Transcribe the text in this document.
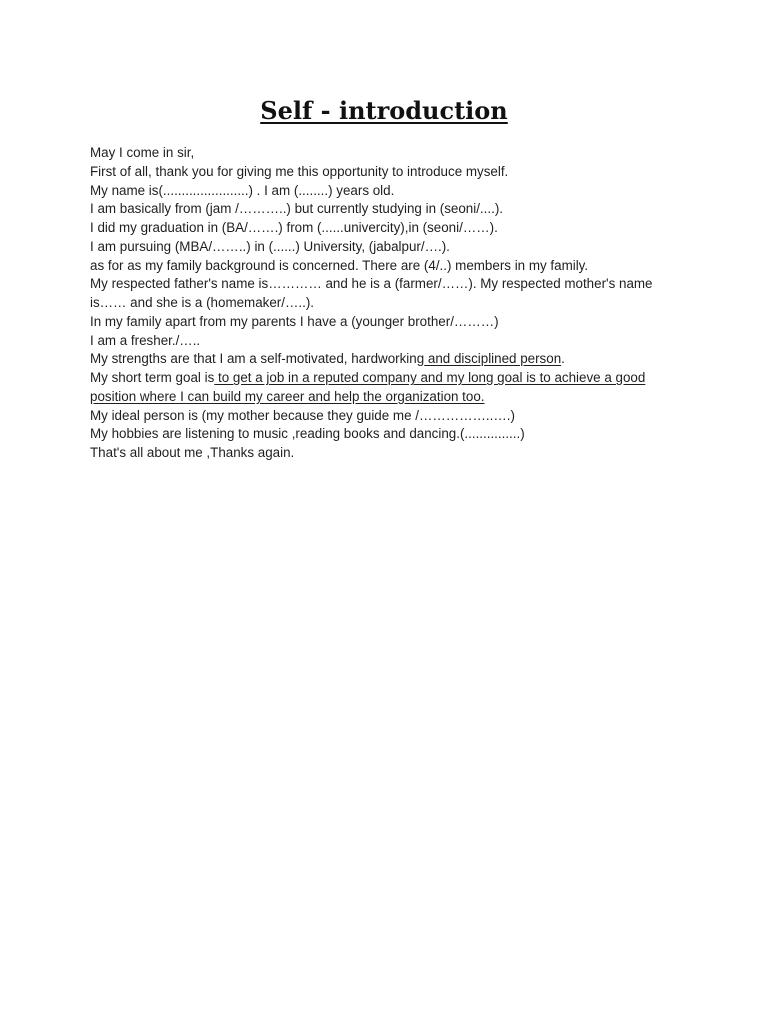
Self - introduction
May I come in sir,
First of all, thank you for giving me this opportunity to introduce myself.
My name is(.......................) . I am (........) years old.
I am basically from (jam /………..) but currently studying in (seoni/....).
I did my graduation in (BA/…….) from (......univercity),in (seoni/……).
I am pursuing (MBA/……..) in (......) University, (jabalpur/….).
as for as my family background is concerned. There are (4/..) members in my family.
My respected father's name is………… and he is a (farmer/……). My respected mother's name
is…… and she is a (homemaker/…..).
In my family apart from my parents I have a (younger brother/………)
I am a fresher./…..
My strengths are that I am a self-motivated, hardworking and disciplined person.
My short term goal is to get a job in a reputed company and my long goal is to achieve a good
position where I can build my career and help the organization too.
My ideal person is (my mother because they guide me /……………..….)
My hobbies are listening to music ,reading books and dancing.(...............)
That's all about me ,Thanks again.
